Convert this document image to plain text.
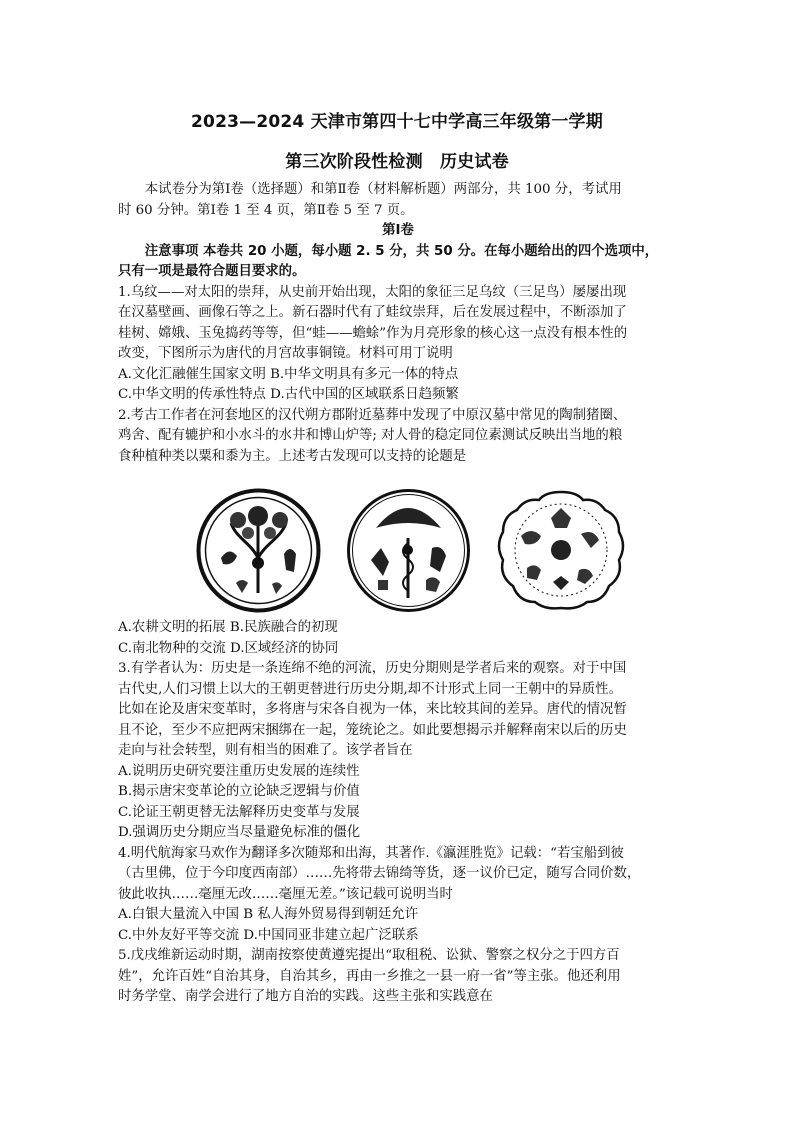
2023—2024 天津市第四十七中学高三年级第一学期
第三次阶段性检测　历史试卷

本试卷分为第Ⅰ卷（选择题）和第Ⅱ卷（材料解析题）两部分，共 100 分，考试用

时 60 分钟。第Ⅰ卷 1 至 4 页，第Ⅱ卷 5 至 7 页。

第Ⅰ卷

注意事项 本卷共 20 小题，每小题 2. 5 分，共 50 分。在每小题给出的四个选项中，

只有一项是最符合题目要求的。

1.乌纹——对太阳的崇拜，从史前开始出现，太阳的象征三足乌纹（三足鸟）屡屡出现

在汉墓壁画、画像石等之上。新石器时代有了蛙纹崇拜，后在发展过程中，不断添加了

桂树、嫦娥、玉兔捣药等等，但“蛙——蟾蜍”作为月亮形象的核心这一点没有根本性的

改变，下图所示为唐代的月宫故事铜镜。材料可用丁说明

A.文化汇融催生国家文明 B.中华文明具有多元一体的特点

C.中华文明的传承性特点 D.古代中国的区域联系日趋频繁

2.考古工作者在河套地区的汉代朔方郡附近墓葬中发现了中原汉墓中常见的陶制猪圈、

鸡舍、配有辘护和小水斗的水井和博山炉等; 对人骨的稳定同位素测试反映出当地的粮

食种植种类以粟和黍为主。上述考古发现可以支持的论题是

A.农耕文明的拓展 B.民族融合的初现

C.南北物种的交流 D.区域经济的协同

3.有学者认为：历史是一条连绵不绝的河流，历史分期则是学者后来的观察。对于中国

古代史,人们习惯上以大的王朝更替进行历史分期,却不计形式上同一王朝中的异质性。

比如在论及唐宋变革时，多将唐与宋各自视为一体，来比较其间的差异。唐代的情况暂

且不论，至少不应把两宋捆绑在一起，笼统论之。如此要想揭示并解释南宋以后的历史

走向与社会转型，则有相当的困难了。该学者旨在

A.说明历史研究要注重历史发展的连续性

B.揭示唐宋变革论的立论缺乏逻辑与价值

C.论证王朝更替无法解释历史变革与发展

D.强调历史分期应当尽量避免标准的僵化

4.明代航海家马欢作为翻译多次随郑和出海，其著作.《瀛涯胜览》记载：“若宝船到彼

（古里佛，位于今印度西南部）……先将带去锦绮等货，逐一议价已定，随写合同价数，

彼此收执……毫厘无改……毫厘无差。”该记载可说明当时

A.白银大量流入中国 B 私人海外贸易得到朝廷允许

C.中外友好平等交流 D.中国同亚非建立起广泛联系

5.戊戌维新运动时期，湖南按察使黄遵宪提出“取租税、讼狱、警察之权分之于四方百

姓”，允许百姓“自治其身，自治其乡，再由一乡推之一县一府一省”等主张。他还利用

时务学堂、南学会进行了地方自治的实践。这些主张和实践意在
